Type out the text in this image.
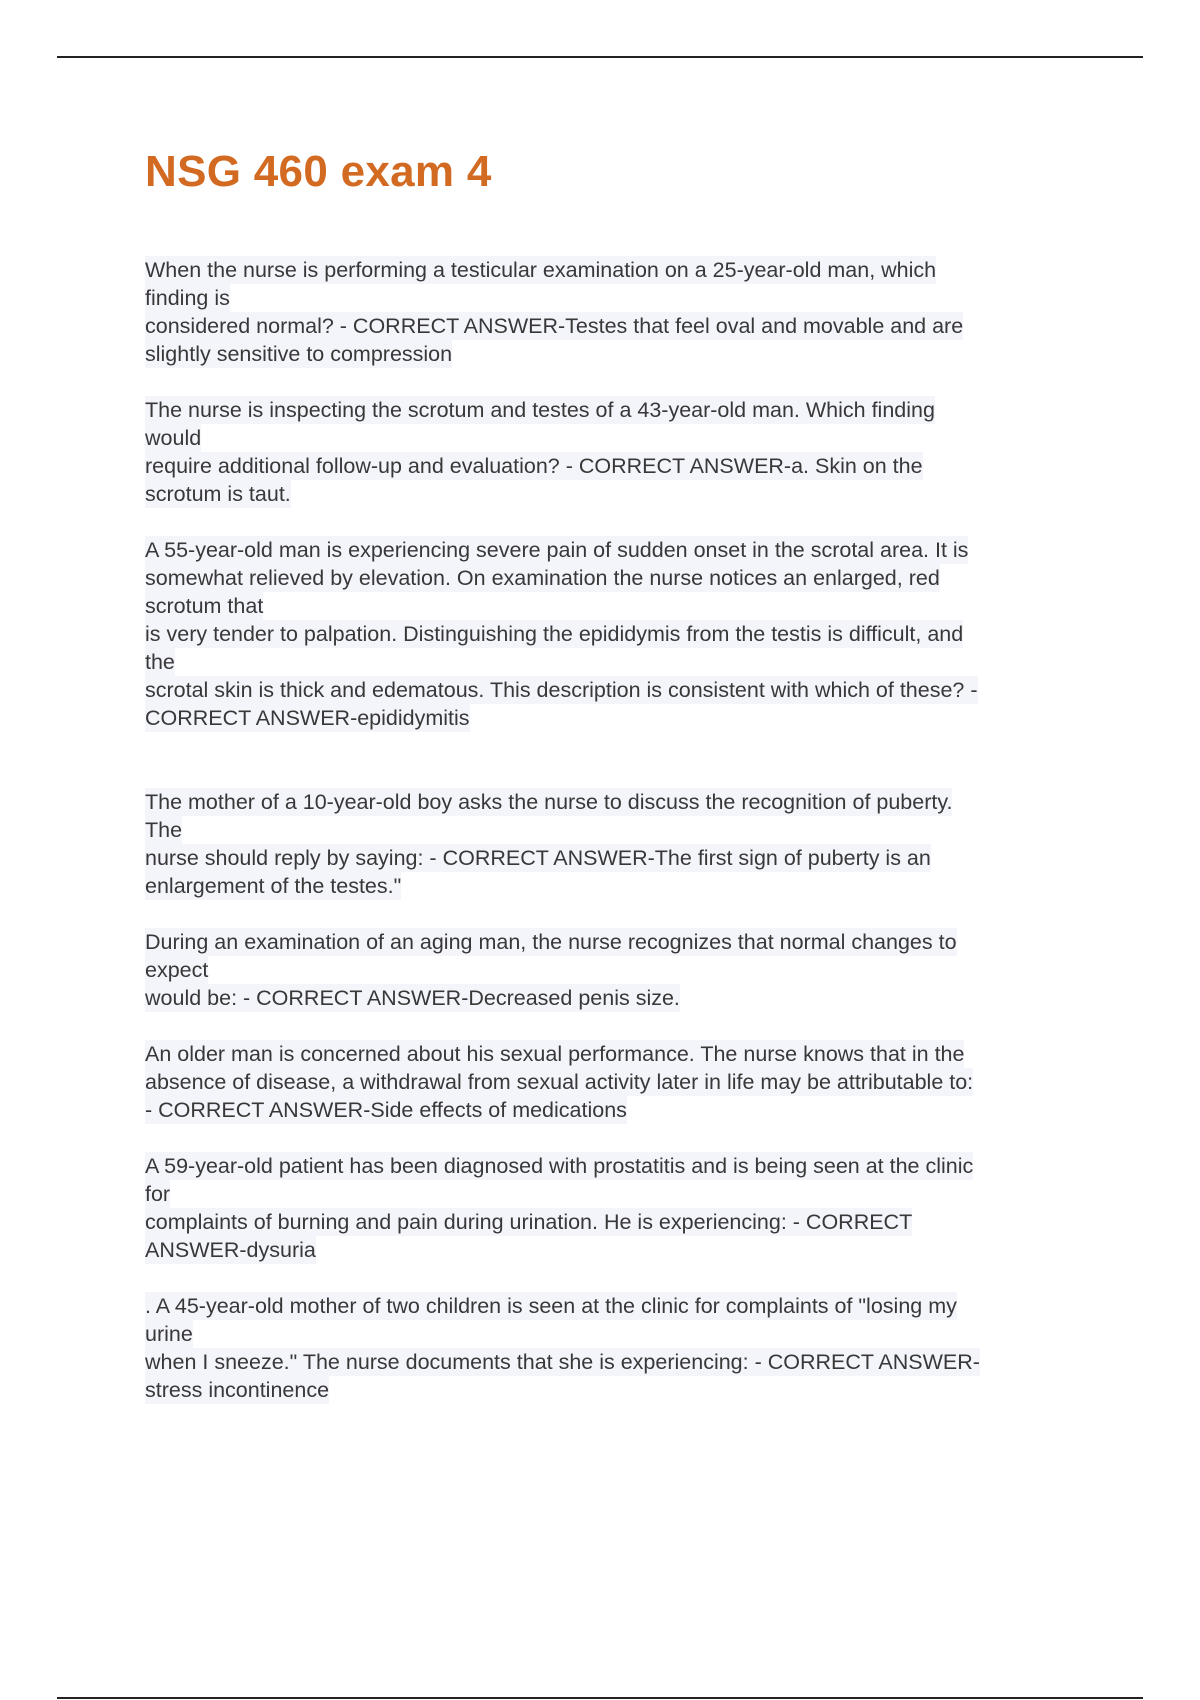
NSG 460 exam 4

When the nurse is performing a testicular examination on a 25-year-old man, which
finding is
considered normal? - CORRECT ANSWER-Testes that feel oval and movable and are
slightly sensitive to compression

The nurse is inspecting the scrotum and testes of a 43-year-old man. Which finding
would
require additional follow-up and evaluation? - CORRECT ANSWER-a. Skin on the
scrotum is taut.

A 55-year-old man is experiencing severe pain of sudden onset in the scrotal area. It is
somewhat relieved by elevation. On examination the nurse notices an enlarged, red
scrotum that
is very tender to palpation. Distinguishing the epididymis from the testis is difficult, and
the
scrotal skin is thick and edematous. This description is consistent with which of these? -
CORRECT ANSWER-epididymitis

The mother of a 10-year-old boy asks the nurse to discuss the recognition of puberty.
The
nurse should reply by saying: - CORRECT ANSWER-The first sign of puberty is an
enlargement of the testes."

During an examination of an aging man, the nurse recognizes that normal changes to
expect
would be: - CORRECT ANSWER-Decreased penis size.

An older man is concerned about his sexual performance. The nurse knows that in the
absence of disease, a withdrawal from sexual activity later in life may be attributable to:
- CORRECT ANSWER-Side effects of medications

A 59-year-old patient has been diagnosed with prostatitis and is being seen at the clinic
for
complaints of burning and pain during urination. He is experiencing: - CORRECT
ANSWER-dysuria

. A 45-year-old mother of two children is seen at the clinic for complaints of "losing my
urine
when I sneeze." The nurse documents that she is experiencing: - CORRECT ANSWER-
stress incontinence
